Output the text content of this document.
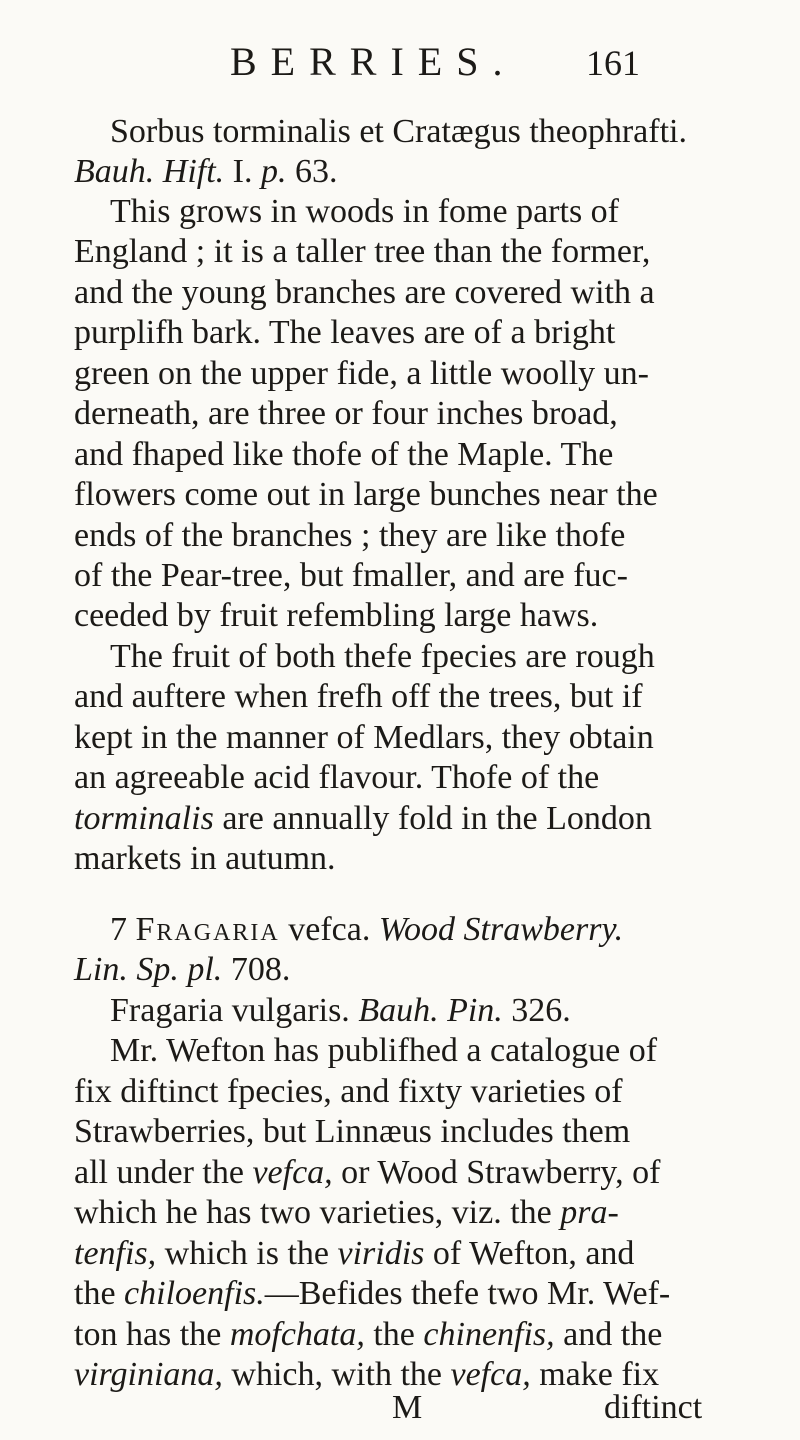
BERRIES. 161
Sorbus torminalis et Cratægus theophrafti.
Bauh. Hift. I. p. 63.
This grows in woods in fome parts of
England ; it is a taller tree than the former,
and the young branches are covered with a
purplifh bark. The leaves are of a bright
green on the upper fide, a little woolly un-
derneath, are three or four inches broad,
and fhaped like thofe of the Maple. The
flowers come out in large bunches near the
ends of the branches ; they are like thofe
of the Pear-tree, but fmaller, and are fuc-
ceeded by fruit refembling large haws.
The fruit of both thefe fpecies are rough
and auftere when frefh off the trees, but if
kept in the manner of Medlars, they obtain
an agreeable acid flavour. Thofe of the
torminalis are annually fold in the London
markets in autumn.
7 Fragaria vefca. Wood Strawberry.
Lin. Sp. pl. 708.
Fragaria vulgaris. Bauh. Pin. 326.
Mr. Wefton has publifhed a catalogue of
fix diftinct fpecies, and fixty varieties of
Strawberries, but Linnæus includes them
all under the vefca, or Wood Strawberry, of
which he has two varieties, viz. the pra-
tenfis, which is the viridis of Wefton, and
the chiloenfis.—Befides thefe two Mr. Wef-
ton has the mofchata, the chinenfis, and the
virginiana, which, with the vefca, make fix
M	diftinct
